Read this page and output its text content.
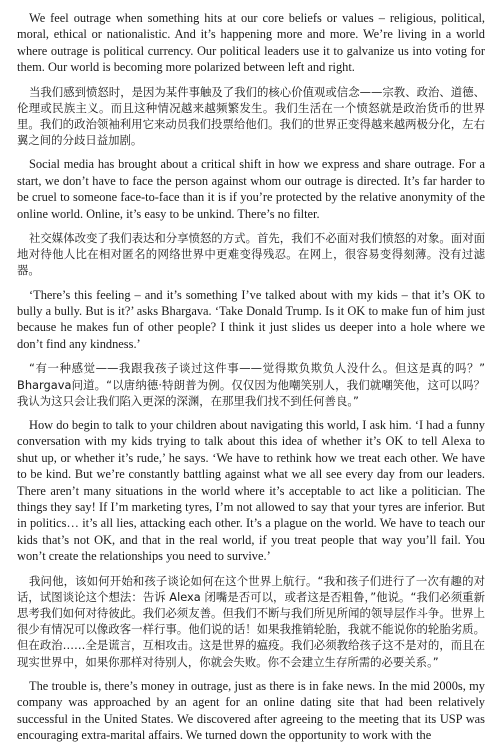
We feel outrage when something hits at our core beliefs or values – religious, political, moral, ethical or nationalistic. And it’s happening more and more. We’re living in a world where outrage is political currency. Our political leaders use it to galvanize us into voting for them. Our world is becoming more polarized between left and right.

当我们感到愤怒时，是因为某件事触及了我们的核心价值观或信念——宗教、政治、道德、伦理或民族主义。而且这种情况越来越频繁发生。我们生活在一个愤怒就是政治货币的世界里。我们的政治领袖利用它来动员我们投票给他们。我们的世界正变得越来越两极分化，左右翼之间的分歧日益加剧。

Social media has brought about a critical shift in how we express and share outrage. For a start, we don’t have to face the person against whom our outrage is directed. It’s far harder to be cruel to someone face-to-face than it is if you’re protected by the relative anonymity of the online world. Online, it’s easy to be unkind. There’s no filter.

社交媒体改变了我们表达和分享愤怒的方式。首先，我们不必面对我们愤怒的对象。面对面地对待他人比在相对匿名的网络世界中更难变得残忍。在网上，很容易变得刻薄。没有过滤器。

‘There’s this feeling – and it’s something I’ve talked about with my kids – that it’s OK to bully a bully. But is it?’ asks Bhargava. ‘Take Donald Trump. Is it OK to make fun of him just because he makes fun of other people? I think it just slides us deeper into a hole where we don’t find any kindness.’

“有一种感觉——我跟我孩子谈过这件事——觉得欺负欺负人没什么。但这是真的吗？” Bhargava问道。“以唐纳德·特朗普为例。仅仅因为他嘲笑别人，我们就嘲笑他，这可以吗？我认为这只会让我们陷入更深的深渊，在那里我们找不到任何善良。”

How do begin to talk to your children about navigating this world, I ask him. ‘I had a funny conversation with my kids trying to talk about this idea of whether it’s OK to tell Alexa to shut up, or whether it’s rude,’ he says. ‘We have to rethink how we treat each other. We have to be kind. But we’re constantly battling against what we all see every day from our leaders. There aren’t many situations in the world where it’s acceptable to act like a politician. The things they say! If I’m marketing tyres, I’m not allowed to say that your tyres are inferior. But in politics… it’s all lies, attacking each other. It’s a plague on the world. We have to teach our kids that’s not OK, and that in the real world, if you treat people that way you’ll fail. You won’t create the relationships you need to survive.’

我问他，该如何开始和孩子谈论如何在这个世界上航行。“我和孩子们进行了一次有趣的对话，试图谈论这个想法：告诉 Alexa 闭嘴是否可以，或者这是否粗鲁，”他说。“我们必须重新思考我们如何对待彼此。我们必须友善。但我们不断与我们所见所闻的领导层作斗争。世界上很少有情况可以像政客一样行事。他们说的话！如果我推销轮胎，我就不能说你的轮胎劣质。但在政治……全是谎言，互相攻击。这是世界的瘟疫。我们必须教给孩子这不是对的，而且在现实世界中，如果你那样对待别人，你就会失败。你不会建立生存所需的必要关系。”

The trouble is, there’s money in outrage, just as there is in fake news. In the mid 2000s, my company was approached by an agent for an online dating site that had been relatively successful in the United States. We discovered after agreeing to the meeting that its USP was encouraging extra-marital affairs. We turned down the opportunity to work with the
